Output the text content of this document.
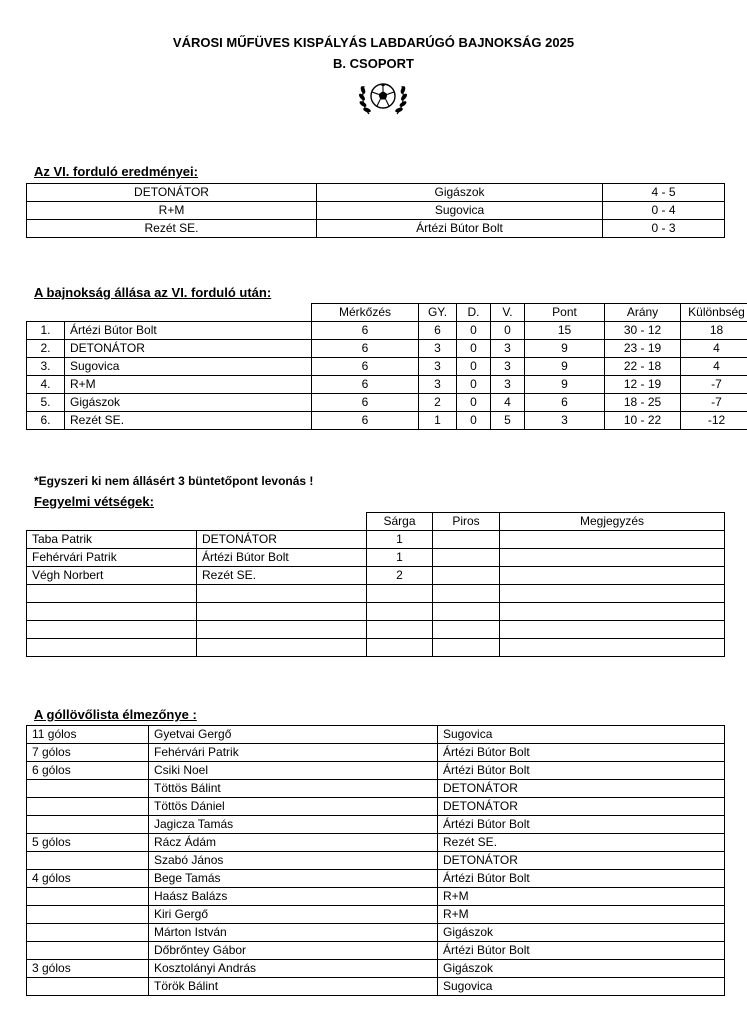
VÁROSI MŰFÜVES KISPÁLYÁS LABDARÚGÓ BAJNOKSÁG 2025
B. CSOPORT
Az VI. forduló eredményei:
DETONÁTOR	Gigászok	4 - 5
R+M	Sugovica	0 - 4
Rezét SE.	Ártézi Bútor Bolt	0 - 3
A bajnokság állása az VI. forduló után:
		Mérkőzés	GY.	D.	V.	Pont	Arány	Különbség
1.	Ártézi Bútor Bolt	6	6	0	0	15	30 - 12	18
2.	DETONÁTOR	6	3	0	3	9	23 - 19	4
3.	Sugovica	6	3	0	3	9	22 - 18	4
4.	R+M	6	3	0	3	9	12 - 19	-7
5.	Gigászok	6	2	0	4	6	18 - 25	-7
6.	Rezét SE.	6	1	0	5	3	10 - 22	-12
*Egyszeri ki nem állásért 3 büntetőpont levonás !
Fegyelmi vétségek:
		Sárga	Piros	Megjegyzés
Taba Patrik	DETONÁTOR	1		
Fehérvári Patrik	Ártézi Bútor Bolt	1		
Végh Norbert	Rezét SE.	2		

A góllövőlista élmezőnye :
11 gólos	Gyetvai Gergő	Sugovica
7 gólos	Fehérvári Patrik	Ártézi Bútor Bolt
6 gólos	Csiki Noel	Ártézi Bútor Bolt
	Töttös Bálint	DETONÁTOR
	Töttös Dániel	DETONÁTOR
	Jagicza Tamás	Ártézi Bútor Bolt
5 gólos	Rácz Ádám	Rezét SE.
	Szabó János	DETONÁTOR
4 gólos	Bege Tamás	Ártézi Bútor Bolt
	Haász Balázs	R+M
	Kiri Gergő	R+M
	Márton István	Gigászok
	Dőbrőntey Gábor	Ártézi Bútor Bolt
3 gólos	Kosztolányi András	Gigászok
	Török Bálint	Sugovica
